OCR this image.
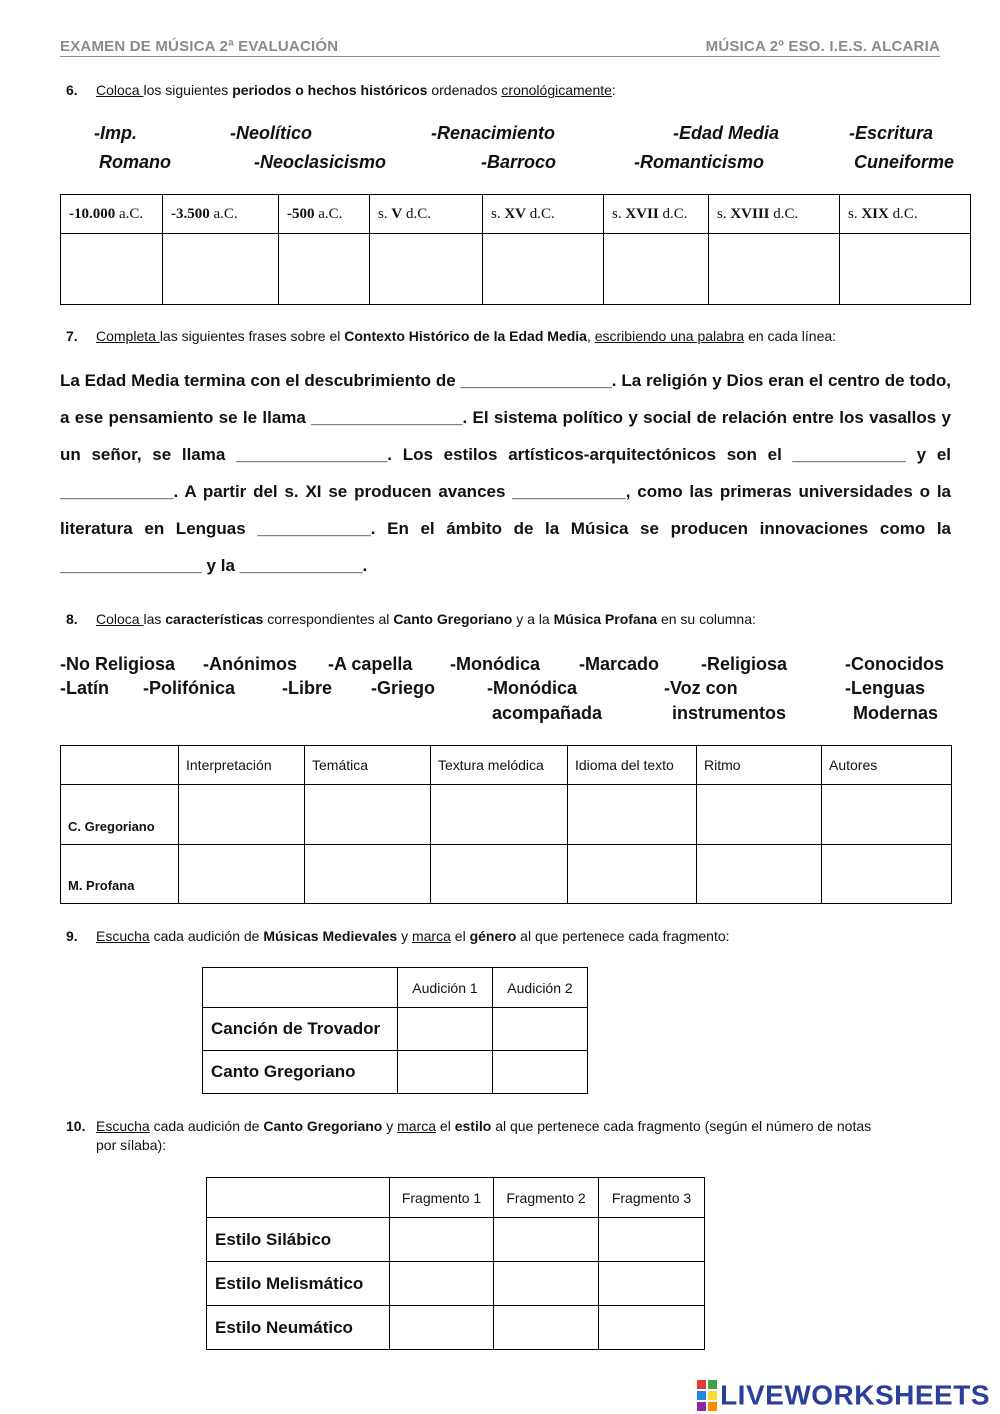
EXAMEN DE MÚSICA 2ª EVALUACIÓN	MÚSICA 2º ESO. I.E.S. ALCARIA
6. Coloca los siguientes periodos o hechos históricos ordenados cronológicamente:
-Imp.	-Neolítico	-Renacimiento	-Edad Media	-Escritura
Romano	-Neoclasicismo	-Barroco	-Romanticismo	Cuneiforme
-10.000 a.C.	-3.500 a.C.	-500 a.C.	s. V d.C.	s. XV d.C.	s. XVII d.C.	s. XVIII d.C.	s. XIX d.C.

7. Completa las siguientes frases sobre el Contexto Histórico de la Edad Media, escribiendo una palabra en cada línea:
La Edad Media termina con el descubrimiento de ________________. La religión y Dios eran el centro de todo, a ese pensamiento se le llama ________________. El sistema político y social de relación entre los vasallos y un señor, se llama ________________. Los estilos artísticos-arquitectónicos son el ____________ y el ____________. A partir del s. XI se producen avances ____________, como las primeras universidades o la literatura en Lenguas ____________. En el ámbito de la Música se producen innovaciones como la _______________ y la _____________.
8. Coloca las características correspondientes al Canto Gregoriano y a la Música Profana en su columna:
-No Religiosa -Anónimos -A capella -Monódica -Marcado -Religiosa	-Conocidos
-Latín -Polifónica	-Libre -Griego	-Monódica	-Voz con	-Lenguas
acompañada	instrumentos	Modernas
	Interpretación	Temática	Textura melódica	Idioma del texto	Ritmo	Autores
C. Gregoriano						
M. Profana						
9. Escucha cada audición de Músicas Medievales y marca el género al que pertenece cada fragmento:
	Audición 1	Audición 2
Canción de Trovador		
Canto Gregoriano		
10. Escucha cada audición de Canto Gregoriano y marca el estilo al que pertenece cada fragmento (según el número de notas
por sílaba):
	Fragmento 1	Fragmento 2	Fragmento 3
Estilo Silábico			
Estilo Melismático			
Estilo Neumático			
LIVEWORKSHEETS
